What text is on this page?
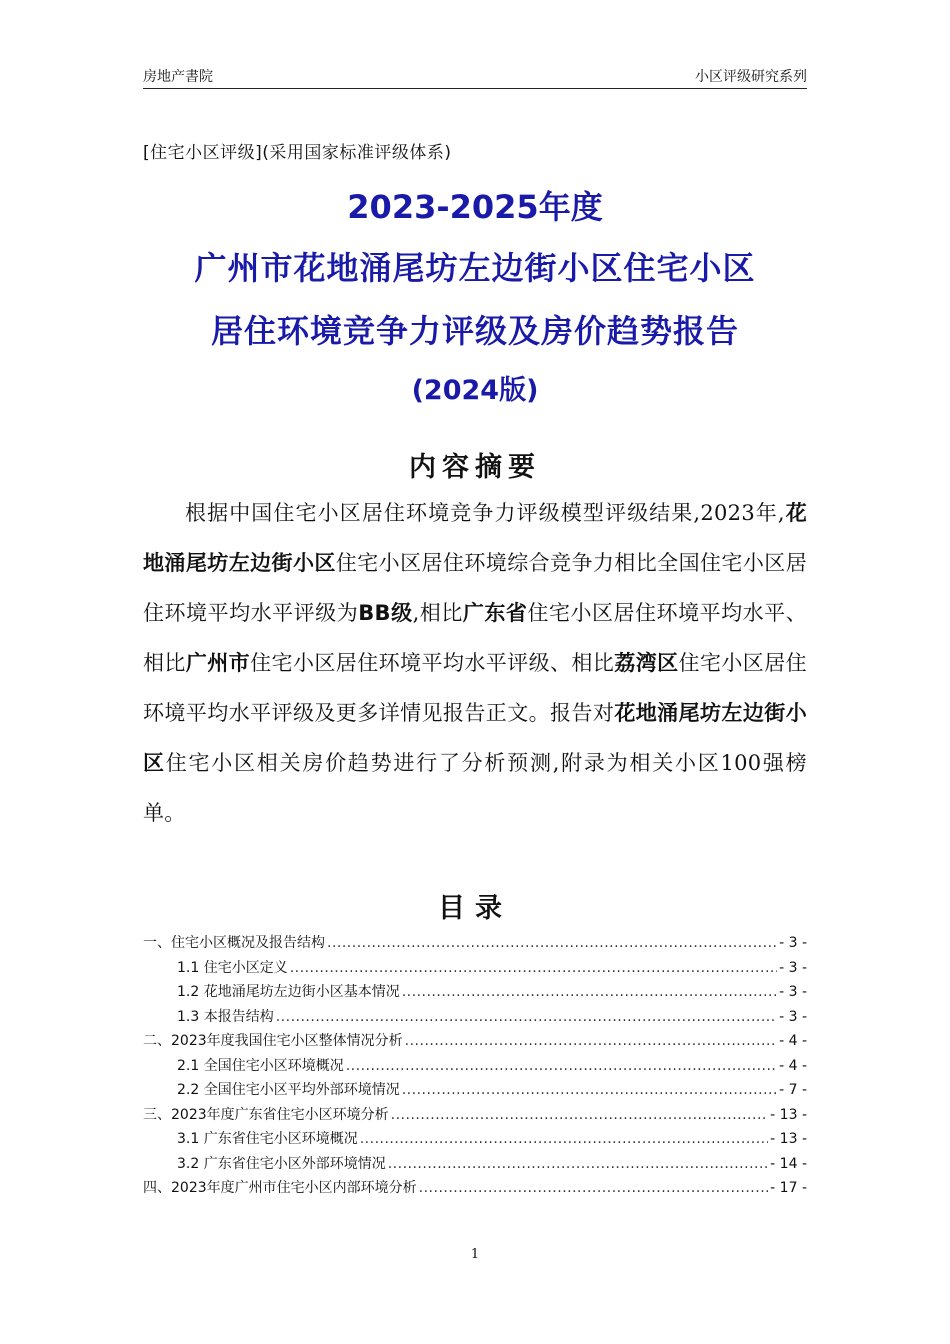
房地产書院	小区评级研究系列
[住宅小区评级](采用国家标准评级体系)
2023-2025年度
广州市花地涌尾坊左边街小区住宅小区
居住环境竞争力评级及房价趋势报告
(2024版)
内容摘要

根据中国住宅小区居住环境竞争力评级模型评级结果,2023年,花地涌尾坊左边街小区住宅小区居住环境综合竞争力相比全国住宅小区居住环境平均水平评级为BB级,相比广东省住宅小区居住环境平均水平、相比广州市住宅小区居住环境平均水平评级、相比荔湾区住宅小区居住环境平均水平评级及更多详情见报告正文。报告对花地涌尾坊左边街小区住宅小区相关房价趋势进行了分析预测,附录为相关小区100强榜单。

目录
一、住宅小区概况及报告结构 .....	- 3 -
1.1 住宅小区定义 .....	- 3 -
1.2 花地涌尾坊左边街小区基本情况 .....	- 3 -
1.3 本报告结构 .....	- 3 -
二、2023年度我国住宅小区整体情况分析 .....	- 4 -
2.1 全国住宅小区环境概况 .....	- 4 -
2.2 全国住宅小区平均外部环境情况 .....	- 7 -
三、2023年度广东省住宅小区环境分析 .....	- 13 -
3.1 广东省住宅小区环境概况 .....	- 13 -
3.2 广东省住宅小区外部环境情况 .....	- 14 -
四、2023年度广州市住宅小区内部环境分析 .....	- 17 -
1
